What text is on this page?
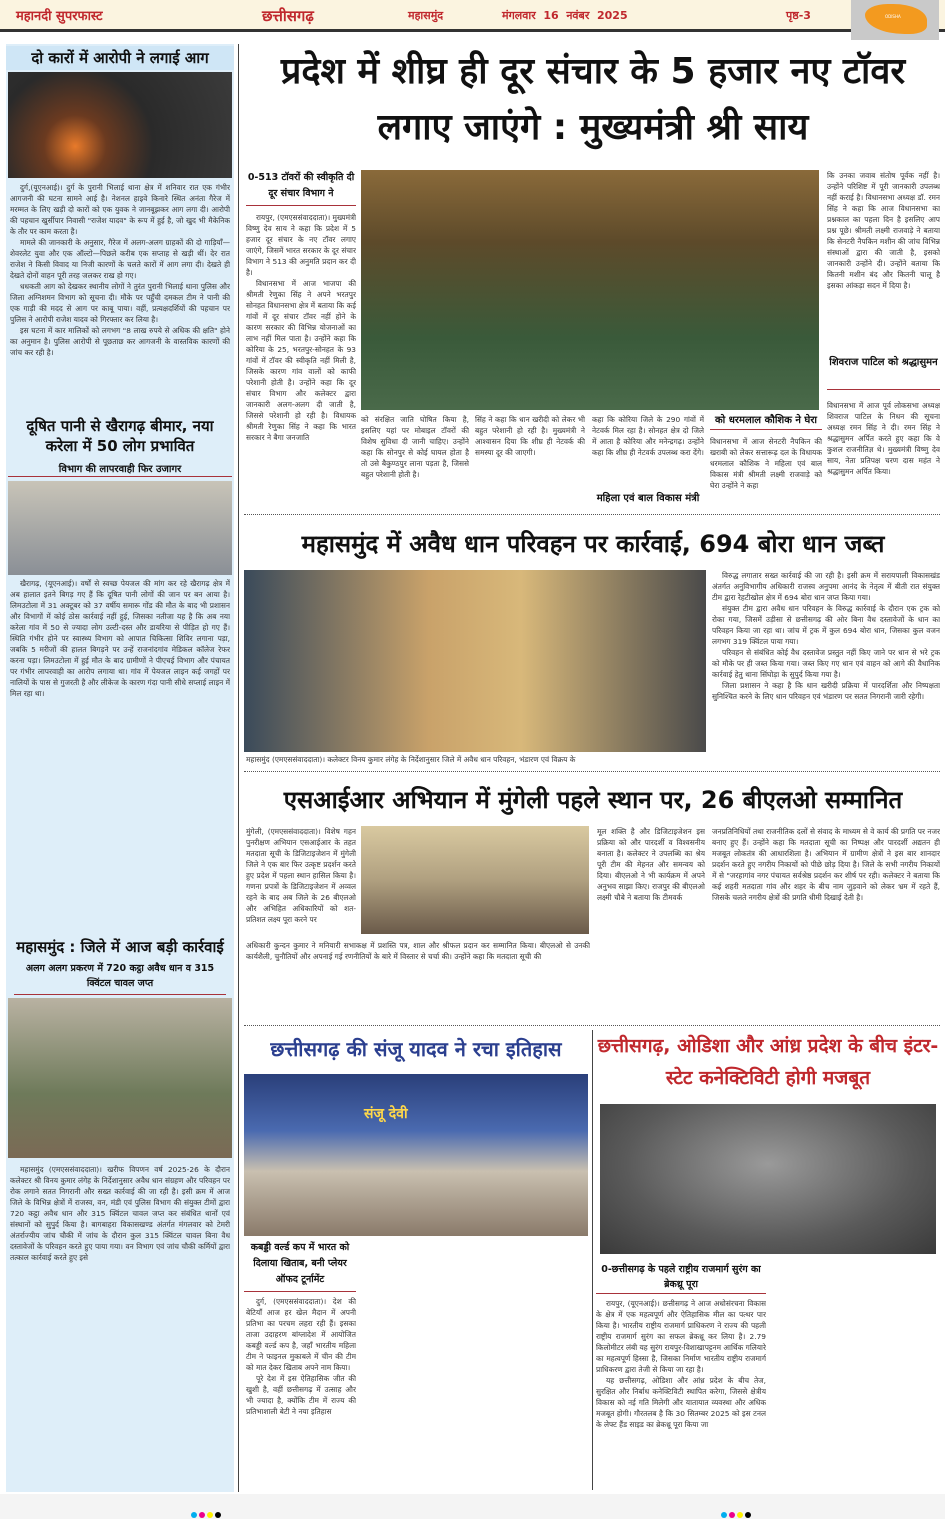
महानदी सुपरफास्ट	छत्तीसगढ़	महासमुंद	मंगलवार  16  नवंबर  2025	पृष्ठ-3	ODISHA
दो कारों में आरोपी ने लगाई आग

दुर्ग,(यूएनआई)। दुर्ग के पुरानी भिलाई थाना क्षेत्र में शनिवार रात एक गंभीर आगजनी की घटना सामने आई है। नेशनल हाइवे किनारे स्थित अनंता गैरेज में मरम्मत के लिए खड़ी दो कारों को एक युवक ने जानबूझकर आग लगा दी। आरोपी की पहचान खुर्सीपार निवासी "राजेश यादव" के रूप में हुई है, जो खुद भी मैकेनिक के तौर पर काम करता है।

मामले की जानकारी के अनुसार, गैरेज में अलग-अलग ग्राहकों की दो गाड़ियाँ—शेवरलेट युवा और एक ऑल्टो—पिछले करीब एक सप्ताह से खड़ी थीं। देर रात राजेश ने किसी विवाद या निजी कारणों के चलते कारों में आग लगा दी। देखते ही देखते दोनों वाहन पूरी तरह जलकर राख हो गए।

धधकती आग को देखकर स्थानीय लोगों ने तुरंत पुरानी भिलाई थाना पुलिस और जिला अग्निशमन विभाग को सूचना दी। मौके पर पहुँची दमकल टीम ने पानी की एक गाड़ी की मदद से आग पर काबू पाया। वहीं, प्रत्यक्षदर्शियों की पहचान पर पुलिस ने आरोपी राजेश यादव को गिरफ्तार कर लिया है।

इस घटना में कार मालिकों को लगभग "8 लाख रुपये से अधिक की क्षति" होने का अनुमान है। पुलिस आरोपी से पूछताछ कर आगजनी के वास्तविक कारणों की जांच कर रही है।

दूषित पानी से खैरागढ़ बीमार, नया करेला में 50 लोग प्रभावित
विभाग की लापरवाही फिर उजागर

खैरागढ़, (यूएनआई)। वर्षों से स्वच्छ पेयजल की मांग कर रहे खैरागढ़ क्षेत्र में अब हालात इतने बिगड़ गए हैं कि दूषित पानी लोगों की जान पर बन आया है। लिमउटोला में 31 अक्टूबर को 37 वर्षीय समारू गोंड की मौत के बाद भी प्रशासन और विभागों में कोई ठोस कार्रवाई नहीं हुई, जिसका नतीजा यह है कि अब नया करेला गांव में 50 से ज्यादा लोग उल्टी-दस्त और डायरिया से पीड़ित हो गए हैं। स्थिति गंभीर होने पर स्वास्थ्य विभाग को आपात चिकित्सा शिविर लगाना पड़ा, जबकि 5 मरीजों की हालत बिगड़ने पर उन्हें राजनांदगांव मेडिकल कॉलेज रेफर करना पड़ा। लिमउटोला में हुई मौत के बाद ग्रामीणों ने पीएचई विभाग और पंचायत पर गंभीर लापरवाही का आरोप लगाया था। गांव में पेयजल लाइन कई जगहों पर नालियों के पास से गुजरती है और लीकेज के कारण गंदा पानी सीधे सप्लाई लाइन में मिल रहा था।

महासमुंद : जिले में आज बड़ी कार्रवाई
अलग अलग प्रकरण में 720 कट्ठा अवैध धान व 315 क्विंटल चावल जप्त

महासमुंद (एमएससंवाददाता)। खरीफ विपणन वर्ष 2025-26 के दौरान कलेक्टर श्री विनय कुमार लंगेह के निर्देशानुसार अवैध धान संग्रहण और परिवहन पर रोक लगाने सतत निगरानी और सख्त कार्रवाई की जा रही है। इसी क्रम में आज जिले के विभिन्न क्षेत्रों में राजस्व, वन, मंडी एवं पुलिस विभाग की संयुक्त टीमों द्वारा 720 कट्ठा अवैध धान और 315 क्विंटल चावल जप्त कर संबंधित थानों एवं संस्थानों को सुपुर्द किया है। बागबाहरा विकासखण्ड अंतर्गत मंगलवार को टेमरी अंतर्राज्यीय जांच चौकी में जांच के दौरान कुल 315 क्विंटल चावल बिना वैध दस्तावेजों के परिवहन करते हुए पाया गया। वन विभाग एवं जांच चौकी कर्मियों द्वारा तत्काल कार्रवाई करते हुए इसे

प्रदेश में शीघ्र ही दूर संचार के 5 हजार नए टॉवर लगाए जाएंगे : मुख्यमंत्री श्री साय
0-513 टॉवरों की स्वीकृति दी दूर संचार विभाग ने

रायपुर, (एमएससंवाददाता)। मुख्यमंत्री विष्णु देव साय ने कहा कि प्रदेश में 5 हजार दूर संचार के नए टॉवर लगाए जाएंगे, जिसमें भारत सरकार के दूर संचार विभाग ने 513 की अनुमति प्रदान कर दी है।

विधानसभा में आज भाजपा की श्रीमती रेणुका सिंह ने अपने भरतपुर सोनहत विधानसभा क्षेत्र में बताया कि कई गांवों में दूर संचार टॉवर नहीं होने के कारण सरकार की विभिन्न योजनाओं का लाभ नहीं मिल पाता है। उन्होंने कहा कि कोरिया के 25, भरतपुर-सोनहत के 93 गांवों में टॉवर की स्वीकृति नहीं मिली है, जिसके कारण गांव वालों को काफी परेशानी होती है। उन्होंने कहा कि दूर संचार विभाग और कलेक्टर द्वारा जानकारी अलग-अलग दी जाती है, जिससे परेशानी हो रही है। विधायक श्रीमती रेणुका सिंह ने कहा कि भारत सरकार ने बैगा जनजाति

को संरक्षित जाति घोषित किया है, इसलिए यहां पर मोबाइल टॉवरों की विशेष सुविधा दी जानी चाहिए। उन्होंने कहा कि सोनपुर से कोई घायल होता है तो उसे बैकुण्ठपुर लाना पड़ता है, जिससे बहुत परेशानी होती है।
सिंह ने कहा कि धान खरीदी को लेकर भी बहुत परेशानी हो रही है। मुख्यमंत्री ने आश्वासन दिया कि शीघ्र ही नेटवर्क की समस्या दूर की जाएगी।
कहा कि कोरिया जिले के 290 गांवों में नेटवर्क मिल रहा है। सोनहत क्षेत्र दो जिले में आता है कोरिया और मनेन्द्रगढ़। उन्होंने कहा कि शीघ्र ही नेटवर्क उपलब्ध करा देंगे।
महिला एवं बाल विकास मंत्री
को धरमलाल कौशिक ने घेरा
विधानसभा में आज सेनटरी नैपकिन की खराबी को लेकर सत्तारूढ़ दल के विधायक धरमलाल कौशिक ने महिला एवं बाल विकास मंत्री श्रीमती लक्ष्मी राजवाड़े को घेरा उन्होंने ने कहा
कि उनका जवाब संतोष पूर्वक नहीं है। उन्होंने परिशिष्ट में पूरी जानकारी उपलब्ध नहीं कराई है। विधानसभा अध्यक्ष डॉ. रमन सिंह ने कहा कि आज विधानसभा का प्रश्नकाल का पहला दिन है इसलिए आप प्रश्न पूछे। श्रीमती लक्ष्मी राजवाड़े ने बताया कि सेनटरी नैपकिन मशीन की जांच विभिन्न संस्थाओं द्वारा की जाती है, इसको जानकारी उन्होंने दी। उन्होंने बताया कि कितनी मशीन बंद और कितनी चालू है इसका आंकड़ा सदन में दिया है।
शिवराज पाटिल को श्रद्धासुमन
विधानसभा में आज पूर्व लोकसभा अध्यक्ष शिवराज पाटिल के निधन की सूचना अध्यक्ष रमन सिंह ने दी। रमन सिंह ने श्रद्धासुमन अर्पित करते हुए कहा कि वे कुशल राजनीतिज्ञ थे। मुख्यमंत्री विष्णु देव साय, नेता प्रतिपक्ष चरण दास महंत ने श्रद्धासुमन अर्पित किया।
महासमुंद में अवैध धान परिवहन पर कार्रवाई, 694 बोरा धान जब्त
महासमुंद (एमएससंवाददाता)। कलेक्टर विनय कुमार लंगेह के निर्देशानुसार जिले में अवैध धान परिवहन, भंडारण एवं विक्रय के

विरुद्ध लगातार सख्त कार्रवाई की जा रही है। इसी क्रम में सरायपाली विकासखंड अंतर्गत अनुविभागीय अधिकारी राजस्व अनुपमा आनंद के नेतृत्व में बीती रात संयुक्त टीम द्वारा रेहटीखोल क्षेत्र में 694 बोरा धान जप्त किया गया।

संयुक्त टीम द्वारा अवैध धान परिवहन के विरुद्ध कार्रवाई के दौरान एक ट्रक को रोका गया, जिसमें उड़ीसा से छत्तीसगढ़ की ओर बिना वैध दस्तावेजों के धान का परिवहन किया जा रहा था। जांच में ट्रक में कुल 694 बोरा धान, जिसका कुल वजन लगभग 319 क्विंटल पाया गया।

परिवहन से संबंधित कोई वैध दस्तावेज प्रस्तुत नहीं किए जाने पर धान से भरे ट्रक को मौके पर ही जब्त किया गया। जब्त किए गए धान एवं वाहन को आगे की वैधानिक कार्रवाई हेतु थाना सिंघोड़ा के सुपुर्द किया गया है।

जिला प्रशासन ने कहा है कि धान खरीदी प्रक्रिया में पारदर्शिता और निष्पक्षता सुनिश्चित करने के लिए धान परिवहन एवं भंडारण पर सतत निगरानी जारी रहेगी।

एसआईआर अभियान में मुंगेली पहले स्थान पर, 26 बीएलओ सम्मानित
मुंगेली, (एमएससंवाददाता)। विशेष गहन पुनरीक्षण अभियान एसआईआर के तहत मतदाता सूची के डिजिटाइजेशन में मुंगेली जिले ने एक बार फिर उत्कृष्ट प्रदर्शन करते हुए प्रदेश में पहला स्थान हासिल किया है। गणना प्रपत्रों के डिजिटाइजेशन में अव्वल रहने के बाद अब जिले के 26 बीएलओ और अभिहित अधिकारियों को शत-प्रतिशत लक्ष्य पूरा करने पर
अधिकारी कुन्दन कुमार ने मनियारी सभाकक्ष में प्रशस्ति पत्र, शाल और श्रीफल प्रदान कर सम्मानित किया। बीएलओ से उनकी कार्यशैली, चुनौतियों और अपनाई गई रणनीतियों के बारे में विस्तार से चर्चा की। उन्होंने कहा कि मतदाता सूची की
मूल शक्ति है और डिजिटाइजेशन इस प्रक्रिया को और पारदर्शी व विश्वसनीय बनाता है। कलेक्टर ने उपलब्धि का श्रेय पूरी टीम की मेहनत और समन्वय को दिया। बीएलओ ने भी कार्यक्रम में अपने अनुभव साझा किए। राजपुर की बीएलओ लक्ष्मी चौबे ने बताया कि टीमवर्क
जनप्रतिनिधियों तथा राजनीतिक दलों से संवाद के माध्यम से वे कार्य की प्रगति पर नजर बनाए हुए हैं। उन्होंने कहा कि मतदाता सूची का निष्पक्ष और पारदर्शी अद्यतन ही मजबूत लोकतंत्र की आधारशिला है। अभियान में ग्रामीण क्षेत्रों ने इस बार शानदार प्रदर्शन करते हुए नगरीय निकायों को पीछे छोड़ दिया है। जिले के सभी नगरीय निकायों में से "जरहागांव नगर पंचायत सर्वश्रेष्ठ प्रदर्शन कर शीर्ष पर रही। कलेक्टर ने बताया कि कई शहरी मतदाता गांव और शहर के बीच नाम जुड़वाने को लेकर भ्रम में रहते हैं, जिसके चलते नगरीय क्षेत्रों की प्रगति धीमी दिखाई देती है।
छत्तीसगढ़ की संजू यादव ने रचा इतिहास
संजू देवी
कबड्डी वर्ल्ड कप में भारत को दिलाया खिताब, बनी प्लेयर ऑफद टूर्नामेंट

दुर्ग, (एमएससंवाददाता)। देश की बेटियाँ आज हर खेल मैदान में अपनी प्रतिभा का परचम लहरा रही हैं। इसका ताजा उदाहरण बांग्लादेश में आयोजित कबड्डी वर्ल्ड कप है, जहाँ भारतीय महिला टीम ने फाइनल मुकाबले में चीन की टीम को मात देकर खिताब अपने नाम किया।

पूरे देश में इस ऐतिहासिक जीत की खुशी है, वहीं छत्तीसगढ़ में उत्साह और भी ज्यादा है, क्योंकि टीम में राज्य की प्रतिभाशाली बेटी ने नया इतिहास

छत्तीसगढ़, ओडिशा और आंध्र प्रदेश के बीच इंटर-स्टेट कनेक्टिविटी होगी मजबूत
0-छत्तीसगढ़ के पहले राष्ट्रीय राजमार्ग सुरंग का ब्रेकथ्रू पूरा

रायपुर, (यूएनआई)। छत्तीसगढ़ ने आज अधोसंरचना विकास के क्षेत्र में एक महत्वपूर्ण और ऐतिहासिक मील का पत्थर पार किया है। भारतीय राष्ट्रीय राजमार्ग प्राधिकरण ने राज्य की पहली राष्ट्रीय राजमार्ग सुरंग का सफल ब्रेकथ्रू कर लिया है। 2.79 किलोमीटर लंबी यह सुरंग रायपुर-विशाखापट्टनम आर्थिक गलियारे का महत्वपूर्ण हिस्सा है, जिसका निर्माण भारतीय राष्ट्रीय राजमार्ग प्राधिकरण द्वारा तेजी से किया जा रहा है।

यह छत्तीसगढ़, ओडिशा और आंध्र प्रदेश के बीच तेज, सुरक्षित और निर्बाध कनेक्टिविटी स्थापित करेगा, जिससे क्षेत्रीय विकास को नई गति मिलेगी और यातायात व्यवस्था और अधिक मजबूत होगी। गौरतलब है कि 30 सितम्बर 2025 को इस टनल के लेफ्ट हैंड साइड का ब्रेकथ्रू पूरा किया जा
